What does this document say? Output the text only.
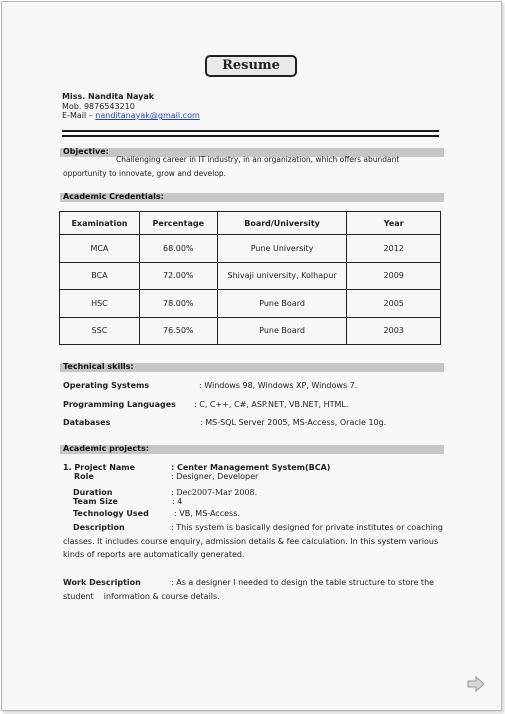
Resume
Miss. Nandita Nayak
Mob. 9876543210
E-Mail – nanditanayak@gmail.com
Objective:
Challenging career in IT industry, in an organization, which offers abundant
opportunity to innovate, grow and develop.
Academic Credentials:
Examination	Percentage	Board/University	Year
MCA	68.00%	Pune University	2012
BCA	72.00%	Shivaji university, Kolhapur	2009
HSC	78.00%	Pune Board	2005
SSC	76.50%	Pune Board	2003
Technical skills:
Operating Systems	: Windows 98, Windows XP, Windows 7.
Programming Languages : C, C++, C#, ASP.NET, VB.NET, HTML.
Databases	: MS-SQL Server 2005, MS-Access, Oracle 10g.
Academic projects:
1. Project Name	: Center Management System(BCA)
Role	: Designer, Developer
Duration	: Dec2007-Mar 2008.
Team Size	: 4
Technology Used	: VB, MS-Access.
Description	: This system is basically designed for private institutes or coaching
classes. It includes course enquiry, admission details & fee calculation. In this system various
kinds of reports are automatically generated.
Work Description	: As a designer I needed to design the table structure to store the
student    information & course details.
